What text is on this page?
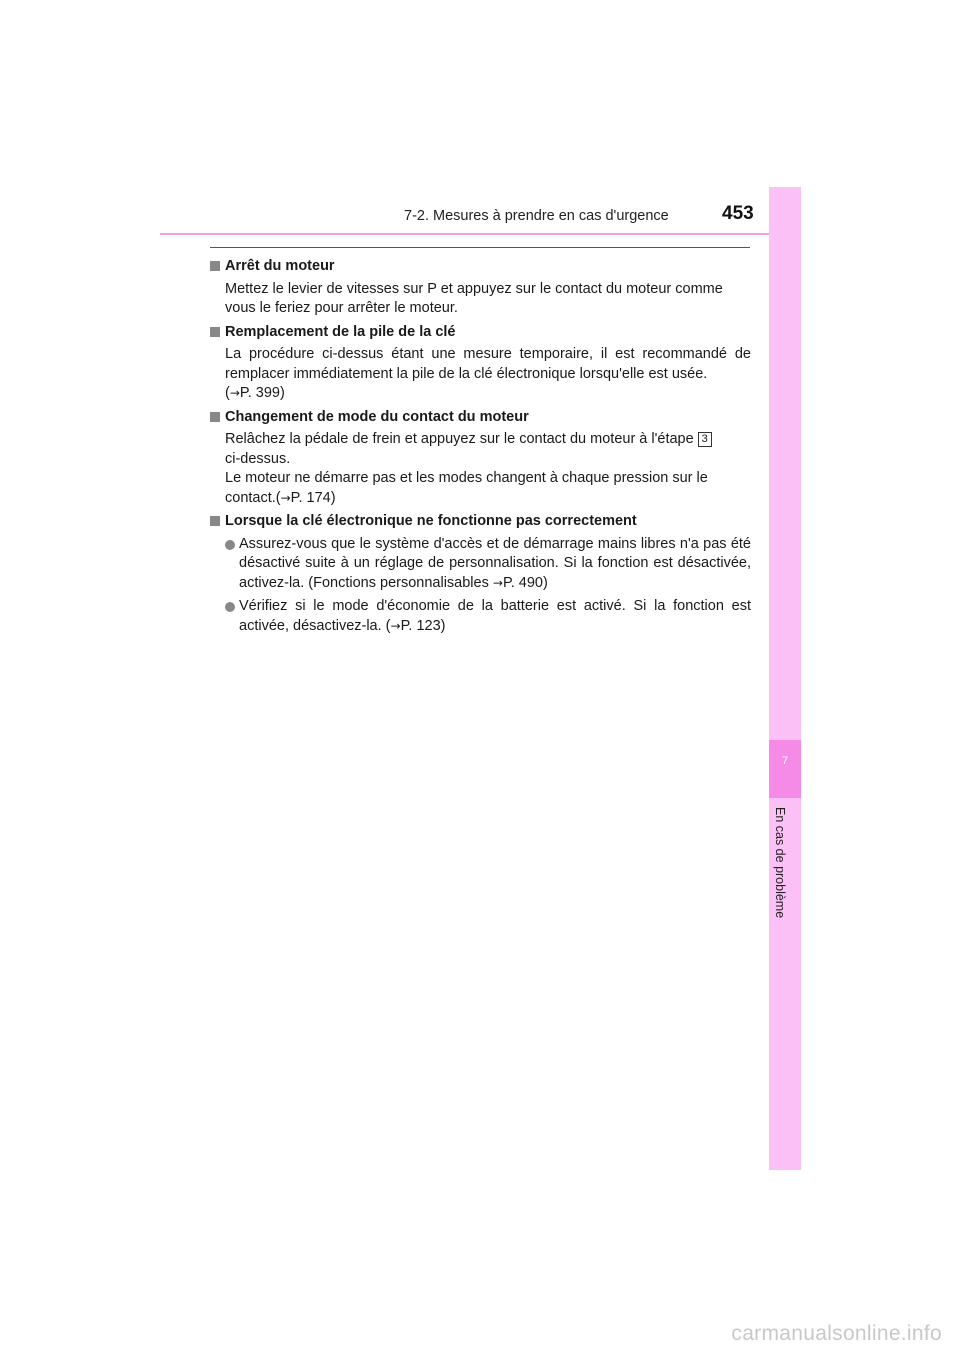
7-2. Mesures à prendre en cas d'urgence	453
7
En cas de problème
Arrêt du moteur
Mettez le levier de vitesses sur P et appuyez sur le contact du moteur comme
vous le feriez pour arrêter le moteur.
Remplacement de la pile de la clé
La procédure ci-dessus étant une mesure temporaire, il est recommandé de remplacer immédiatement la pile de la clé électronique lorsqu'elle est usée.
(→P. 399)
Changement de mode du contact du moteur
Relâchez la pédale de frein et appuyez sur le contact du moteur à l'étape 3
ci-dessus.
Le moteur ne démarre pas et les modes changent à chaque pression sur le
contact.(→P. 174)
Lorsque la clé électronique ne fonctionne pas correctement
Assurez-vous que le système d'accès et de démarrage mains libres n'a pas été désactivé suite à un réglage de personnalisation. Si la fonction est désactivée, activez-la. (Fonctions personnalisables →P. 490)
Vérifiez si le mode d'économie de la batterie est activé. Si la fonction est activée, désactivez-la. (→P. 123)
carmanualsonline.info
